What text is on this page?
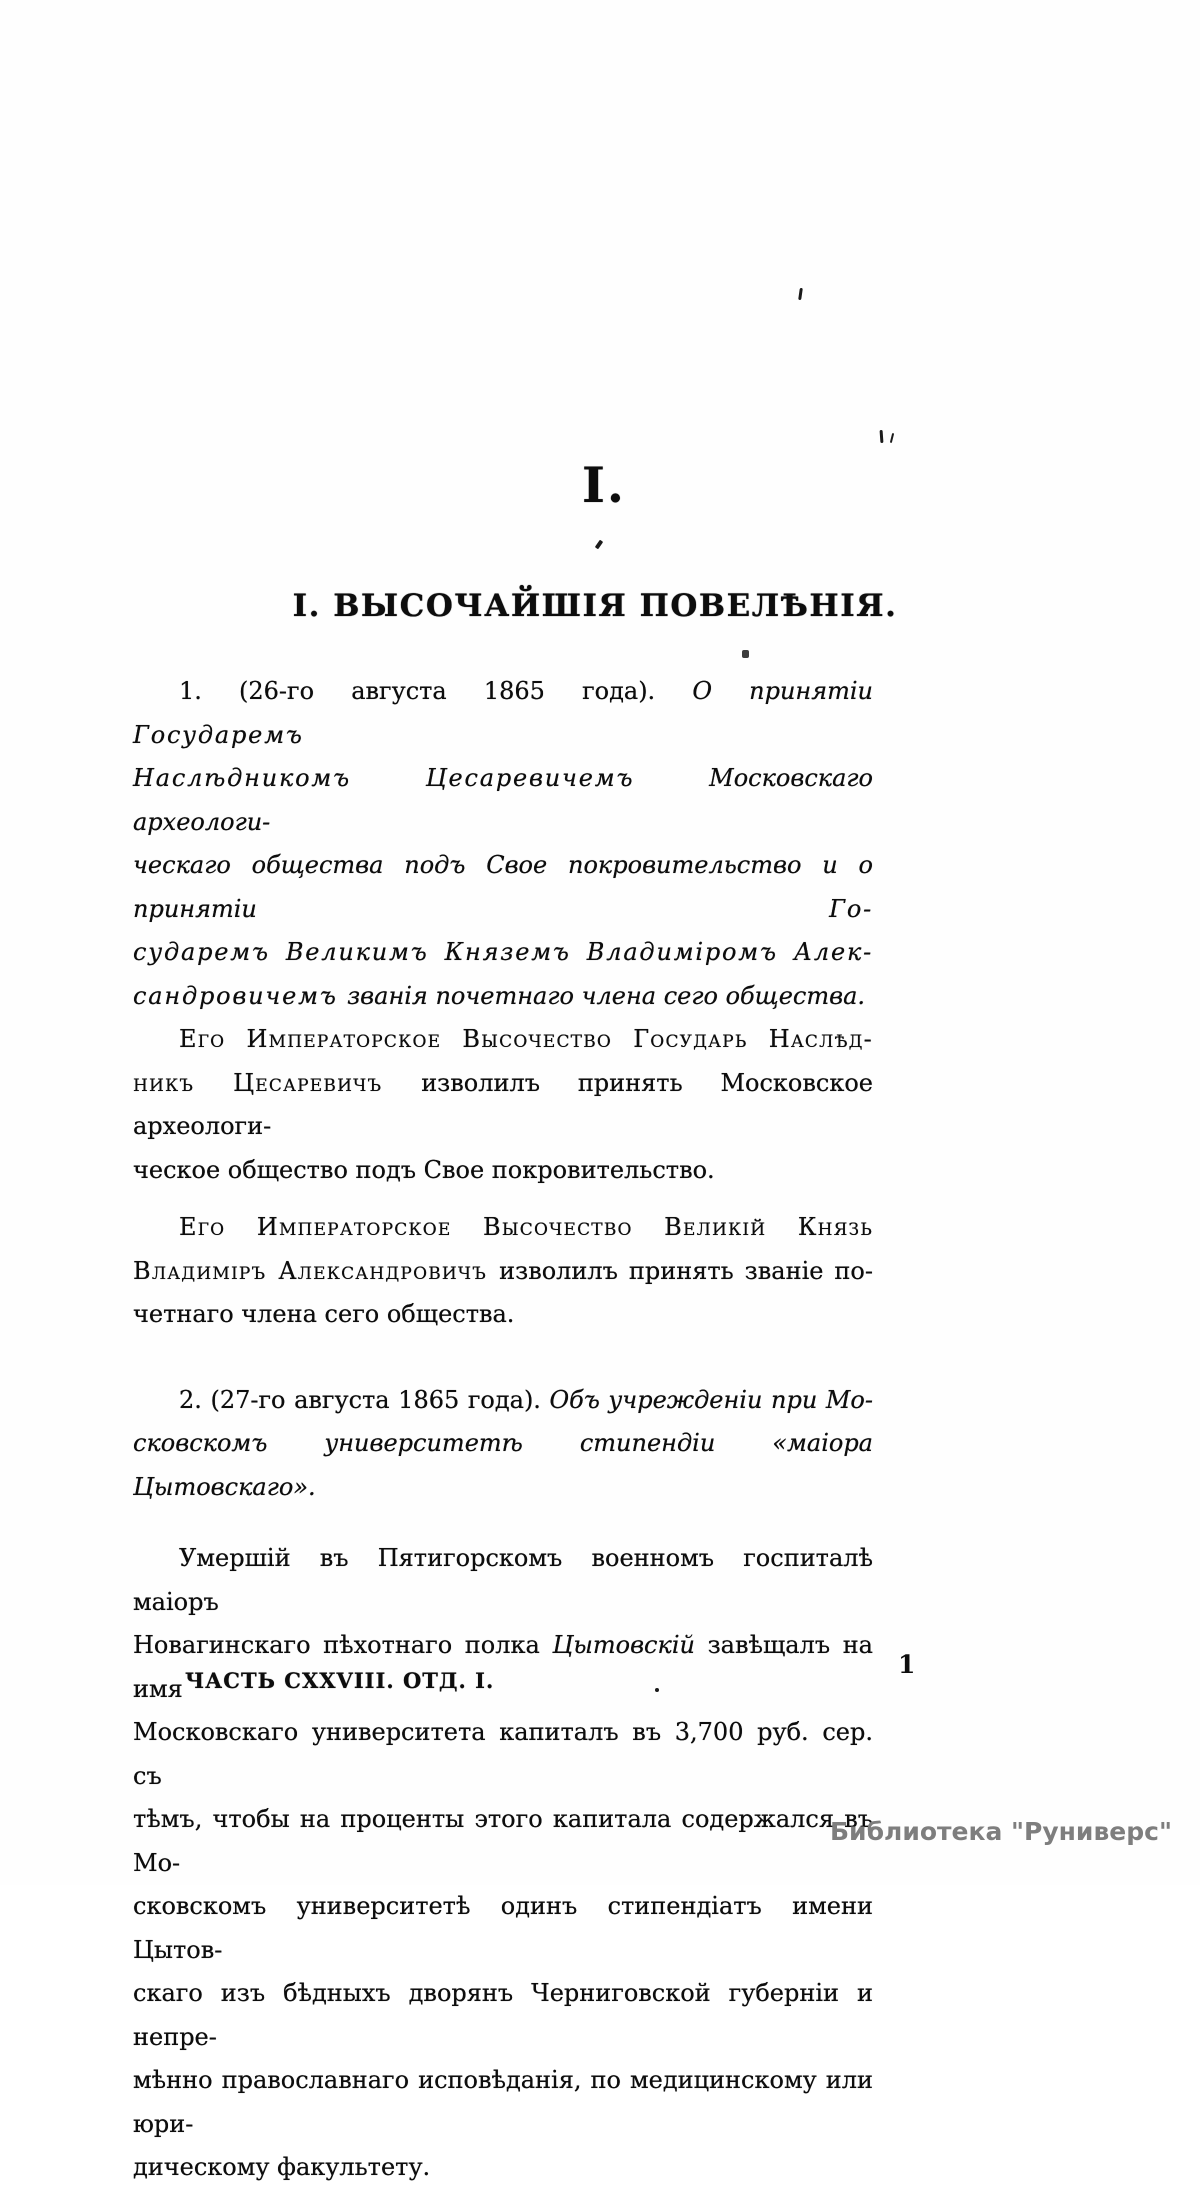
I.
І. ВЫСОЧАЙШІЯ ПОВЕЛѢНІЯ.
1. (26-го августа 1865 года). О принятіи Государемъ
Наслѣдникомъ Цесаревичемъ Московскаго археологи-
ческаго общества подъ Свое покровительство и о принятіи Го-
сударемъ Великимъ Княземъ Владиміромъ Алек-
сандровичемъ званія почетнаго члена сего общества.
Его Императорское Высочество Государь Наслѣд-
никъ Цесаревичъ изволилъ принять Московское археологи-
ческое общество подъ Свое покровительство.
Его Императорское Высочество Великій Князь
Владиміръ Александровичъ изволилъ принять званіе по-
четнаго члена сего общества.
2. (27-го августа 1865 года). Объ учрежденіи при Мо-
сковскомъ университетѣ стипендіи «маіора Цытовскаго».
Умершій въ Пятигорскомъ военномъ госпиталѣ маіоръ
Новагинскаго пѣхотнаго полка Цытовскій завѣщалъ на имя
Московскаго университета капиталъ въ 3,700 руб. сер. съ
тѣмъ, чтобы на проценты этого капитала содержался въ Мо-
сковскомъ университетѣ одинъ стипендіатъ имени Цытов-
скаго изъ бѣдныхъ дворянъ Черниговской губерніи и непре-
мѣнно православнаго исповѣданія, по медицинскому или юри-
дическому факультету.
ЧАСТЬ CXXVIII. ОТД. I.
1
Библиотека "Руниверс"
